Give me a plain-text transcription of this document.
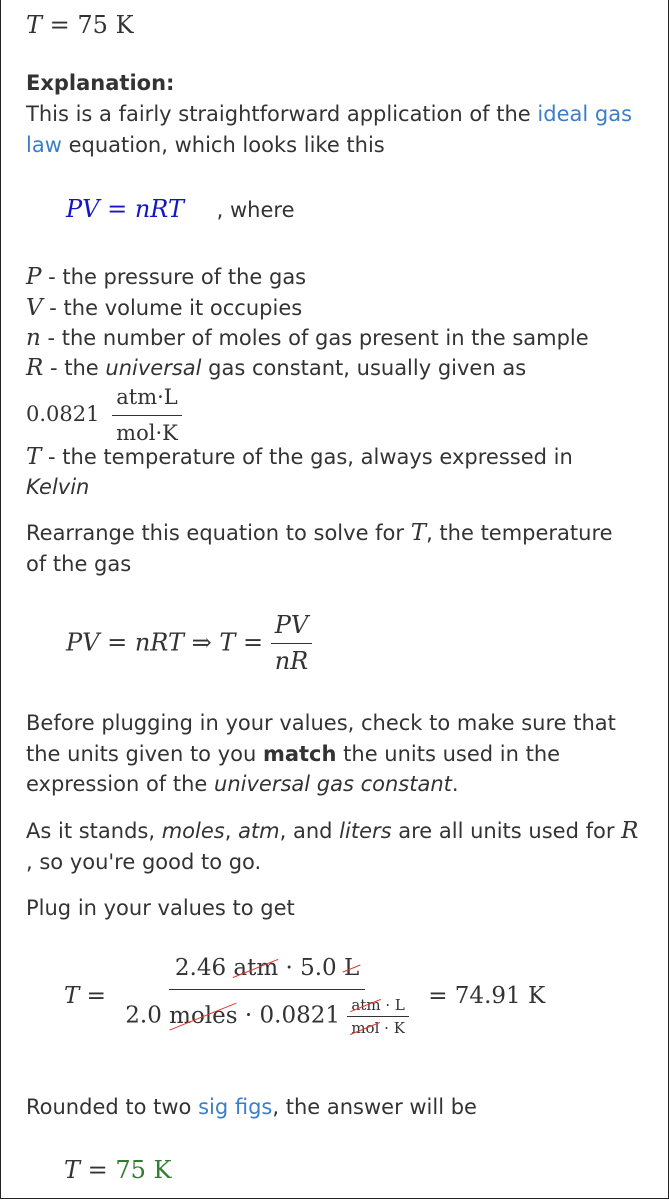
T = 75 K
Explanation:
This is a fairly straightforward application of the ideal gas
law equation, which looks like this
PV = nRT , where
P - the pressure of the gas
V - the volume it occupies
n - the number of moles of gas present in the sample
R - the universal gas constant, usually given as
$0.0821 \frac{\text{atm·L}}{\text{mol·K}}$
T - the temperature of the gas, always expressed in
Kelvin
Rearrange this equation to solve for T, the temperature
of the gas
PV = nRT ⇒ $T = \frac{PV}{nR}$
Before plugging in your values, check to make sure that
the units given to you match the units used in the
expression of the universal gas constant.
As it stands, moles, atm, and liters are all units used for R
, so you're good to go.
Plug in your values to get
T =
2.46 atm · 5.0 L
2.0 moles · $0.0821 \frac{\text{atm · L}}{\text{mol · K}} = 74.91$ K
Rounded to two sig figs, the answer will be
T = 75 K
